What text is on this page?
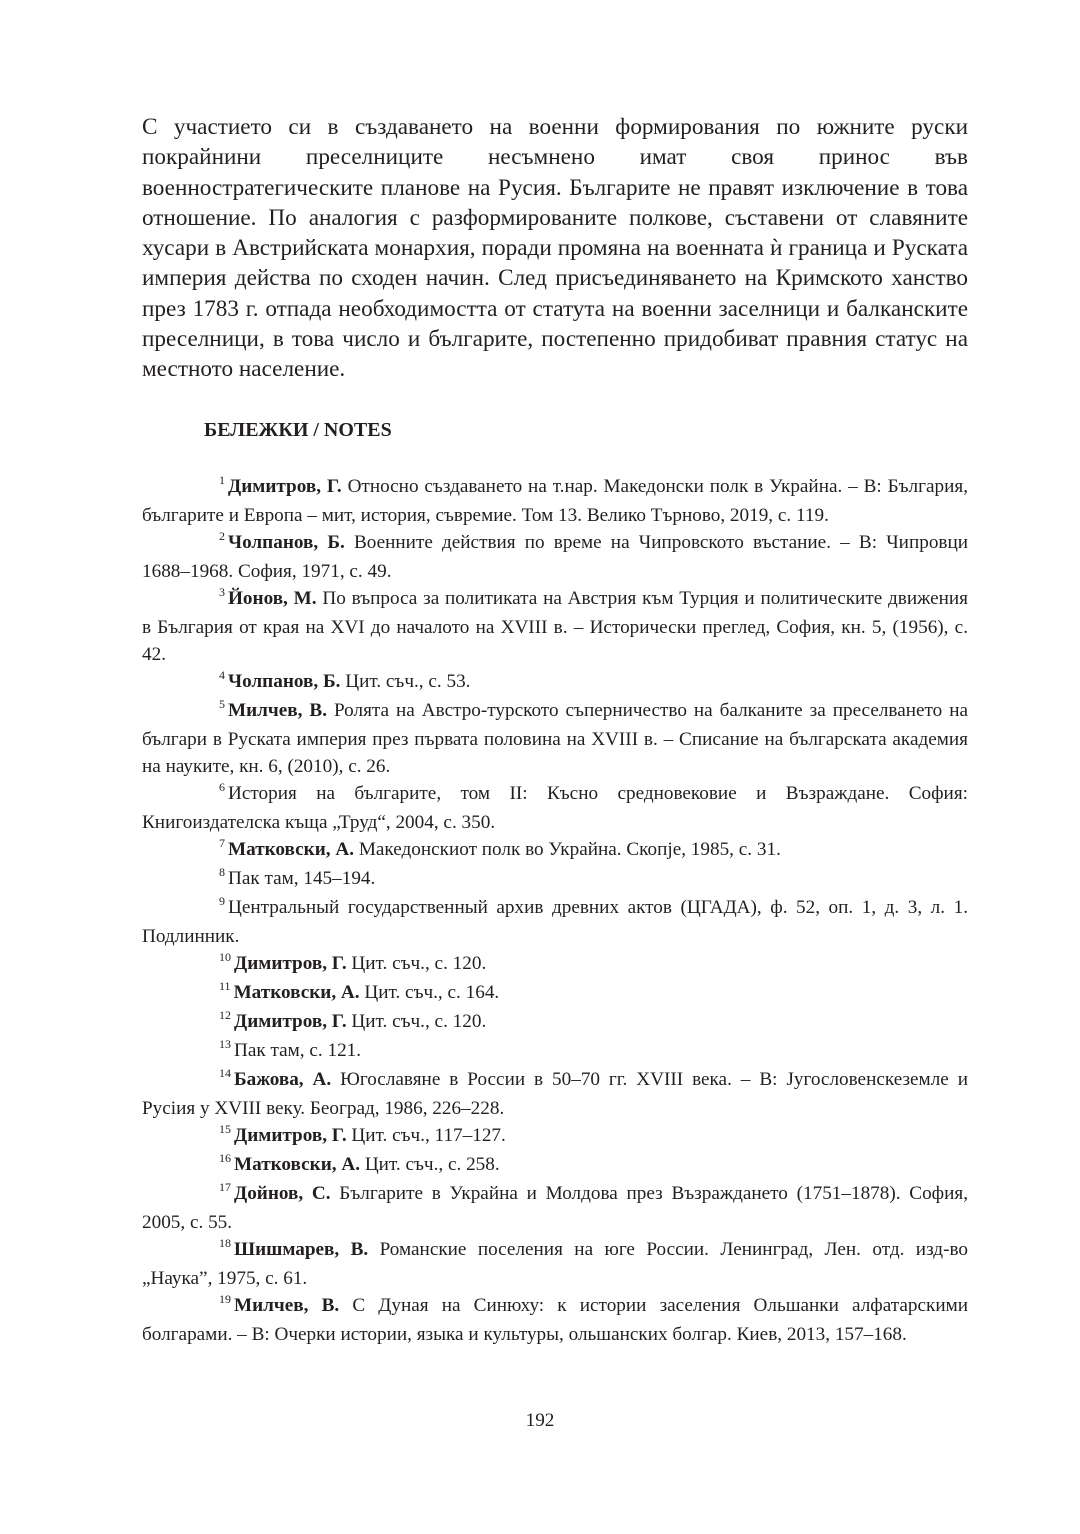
С участието си в създаването на военни формирования по южните руски покрайнини преселниците несъмнено имат своя принос във военностратегическите планове на Русия. Българите не правят изключение в това отношение. По аналогия с разформированите полкове, съставени от славяните хусари в Австрийската монархия, поради промяна на военната ѝ граница и Руската империя действа по сходен начин. След присъединяването на Кримското ханство през 1783 г. отпада необходимостта от статута на военни заселници и балканските преселници, в това число и българите, постепенно придобиват правния статус на местното население.

БЕЛЕЖКИ / NOTES

$^1$ Димитров, Г. Относно създаването на т.нар. Македонски полк в Украйна. – В: България, българите и Европа – мит, история, съвремие. Том 13. Велико Търново, 2019, с. 119.

$^2$ Чолпанов, Б. Военните действия по време на Чипровското въстание. – В: Чипровци 1688–1968. София, 1971, с. 49.

$^3$ Йонов, М. По въпроса за политиката на Австрия към Турция и политическите движения в България от края на XVI до началото на XVIII в. – Исторически преглед, София, кн. 5, (1956), с. 42.

$^4$ Чолпанов, Б. Цит. съч., с. 53.

$^5$ Милчев, В. Ролята на Австро-турското съперничество на балканите за преселването на българи в Руската империя през първата половина на XVIII в. – Списание на българската академия на науките, кн. 6, (2010), с. 26.

$^6$ История на българите, том II: Късно средновековие и Възраждане. София: Книгоиздателска къща „Труд“, 2004, с. 350.

$^7$ Матковски, А. Македонскиот полк во Украйна. Скопје, 1985, с. 31.

$^8$ Пак там, 145–194.

$^9$ Центральный государственный архив древних актов (ЦГАДА), ф. 52, оп. 1, д. 3, л. 1. Подлинник.

$^{10}$ Димитров, Г. Цит. съч., с. 120.

$^{11}$ Матковски, А. Цит. съч., с. 164.

$^{12}$ Димитров, Г. Цит. съч., с. 120.

$^{13}$ Пак там, с. 121.

$^{14}$ Бажова, А. Югославяне в России в 50–70 гг. XVIII века. – В: Југословенскеземле и Русіия у XVIII веку. Београд, 1986, 226–228.

$^{15}$ Димитров, Г. Цит. съч., 117–127.

$^{16}$ Матковски, А. Цит. съч., с. 258.

$^{17}$ Дойнов, С. Българите в Украйна и Молдова през Възраждането (1751–1878). София, 2005, с. 55.

$^{18}$ Шишмарев, В. Романские поселения на юге России. Ленинград, Лен. отд. изд-во „Наука”, 1975, с. 61.

$^{19}$ Милчев, В. С Дуная на Синюху: к истории заселения Ольшанки алфатарскими болгарами. – В: Очерки истории, языка и культуры, ольшанских болгар. Киев, 2013, 157–168.

192
